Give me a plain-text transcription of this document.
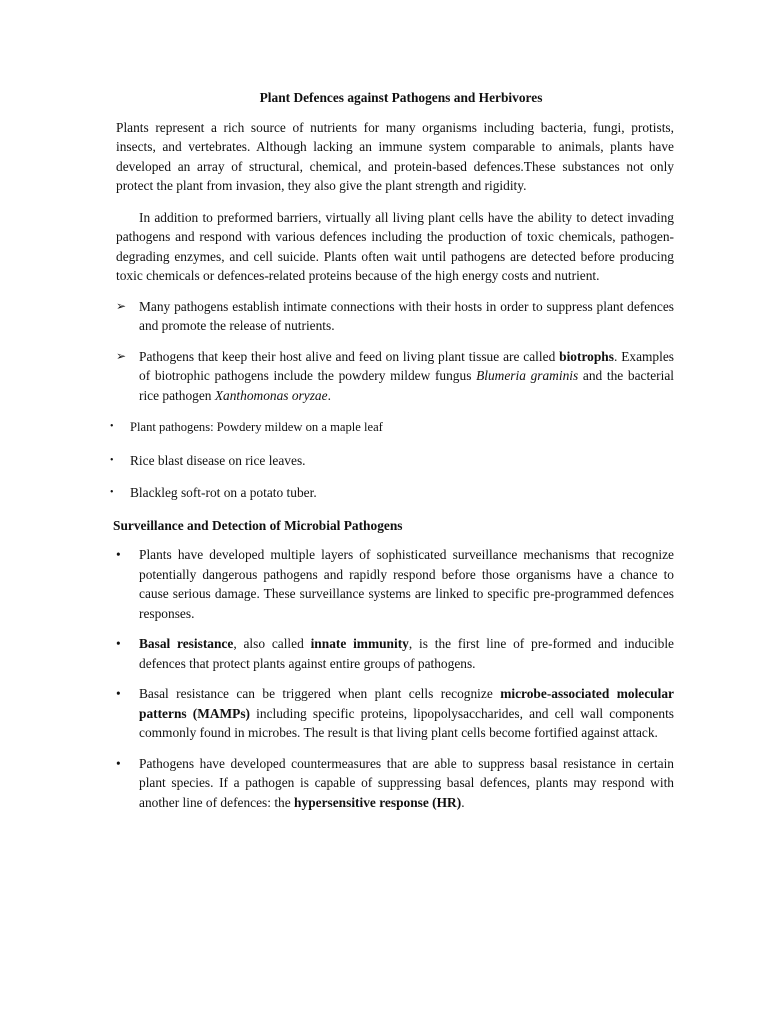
Plant Defences against Pathogens and Herbivores

Plants represent a rich source of nutrients for many organisms including bacteria, fungi, protists, insects, and vertebrates. Although lacking an immune system comparable to animals, plants have developed an array of structural, chemical, and protein-based defences.These substances not only protect the plant from invasion, they also give the plant strength and rigidity.

In addition to preformed barriers, virtually all living plant cells have the ability to detect invading pathogens and respond with various defences including the production of toxic chemicals, pathogen-degrading enzymes, and cell suicide. Plants often wait until pathogens are detected before producing toxic chemicals or defences-related proteins because of the high energy costs and nutrient.

➢ Many pathogens establish intimate connections with their hosts in order to suppress plant defences and promote the release of nutrients.
➢ Pathogens that keep their host alive and feed on living plant tissue are called biotrophs. Examples of biotrophic pathogens include the powdery mildew fungus Blumeria graminis and the bacterial rice pathogen Xanthomonas oryzae.
• Plant pathogens: Powdery mildew on a maple leaf
• Rice blast disease on rice leaves.
• Blackleg soft-rot on a potato tuber.
Surveillance and Detection of Microbial Pathogens
• Plants have developed multiple layers of sophisticated surveillance mechanisms that recognize potentially dangerous pathogens and rapidly respond before those organisms have a chance to cause serious damage. These surveillance systems are linked to specific pre-programmed defences responses.
• Basal resistance, also called innate immunity, is the first line of pre-formed and inducible defences that protect plants against entire groups of pathogens.
• Basal resistance can be triggered when plant cells recognize microbe-associated molecular patterns (MAMPs) including specific proteins, lipopolysaccharides, and cell wall components commonly found in microbes. The result is that living plant cells become fortified against attack.
• Pathogens have developed countermeasures that are able to suppress basal resistance in certain plant species. If a pathogen is capable of suppressing basal defences, plants may respond with another line of defences: the hypersensitive response (HR).
